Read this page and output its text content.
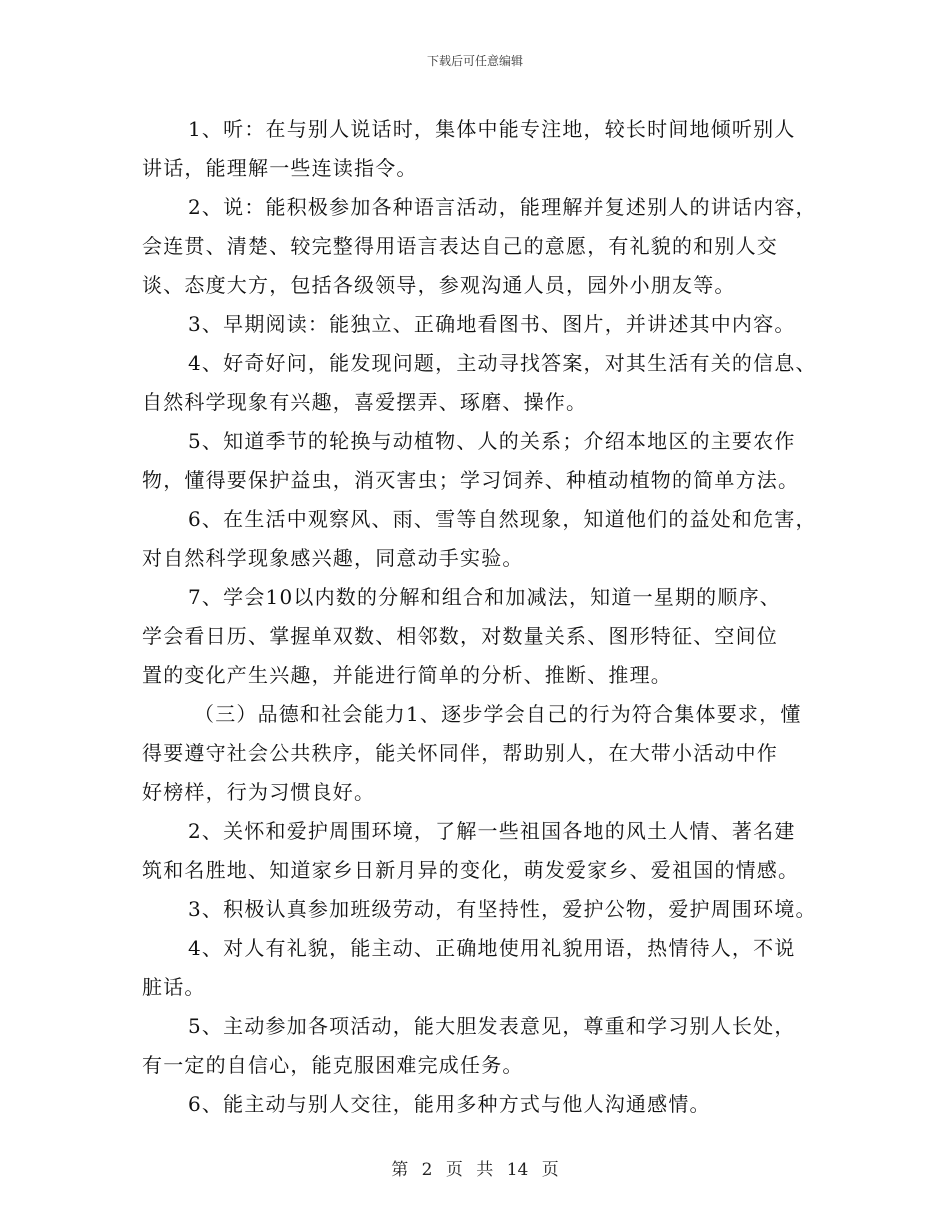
下载后可任意编辑

1、听：在与别人说话时，集体中能专注地，较长时间地倾听别人
讲话，能理解一些连读指令。

2、说：能积极参加各种语言活动，能理解并复述别人的讲话内容，
会连贯、清楚、较完整得用语言表达自己的意愿，有礼貌的和别人交
谈、态度大方，包括各级领导，参观沟通人员，园外小朋友等。

3、早期阅读：能独立、正确地看图书、图片，并讲述其中内容。

4、好奇好问，能发现问题，主动寻找答案，对其生活有关的信息、
自然科学现象有兴趣，喜爱摆弄、琢磨、操作。

5、知道季节的轮换与动植物、人的关系；介绍本地区的主要农作
物，懂得要保护益虫，消灭害虫；学习饲养、种植动植物的简单方法。

6、在生活中观察风、雨、雪等自然现象，知道他们的益处和危害，
对自然科学现象感兴趣，同意动手实验。

7、学会10以内数的分解和组合和加减法，知道一星期的顺序、
学会看日历、掌握单双数、相邻数，对数量关系、图形特征、空间位
置的变化产生兴趣，并能进行简单的分析、推断、推理。

（三）品德和社会能力1、逐步学会自己的行为符合集体要求，懂
得要遵守社会公共秩序，能关怀同伴，帮助别人，在大带小活动中作
好榜样，行为习惯良好。

2、关怀和爱护周围环境，了解一些祖国各地的风土人情、著名建
筑和名胜地、知道家乡日新月异的变化，萌发爱家乡、爱祖国的情感。

3、积极认真参加班级劳动，有坚持性，爱护公物，爱护周围环境。

4、对人有礼貌，能主动、正确地使用礼貌用语，热情待人，不说
脏话。

5、主动参加各项活动，能大胆发表意见，尊重和学习别人长处，
有一定的自信心，能克服困难完成任务。

6、能主动与别人交往，能用多种方式与他人沟通感情。

第 2 页 共 14 页
